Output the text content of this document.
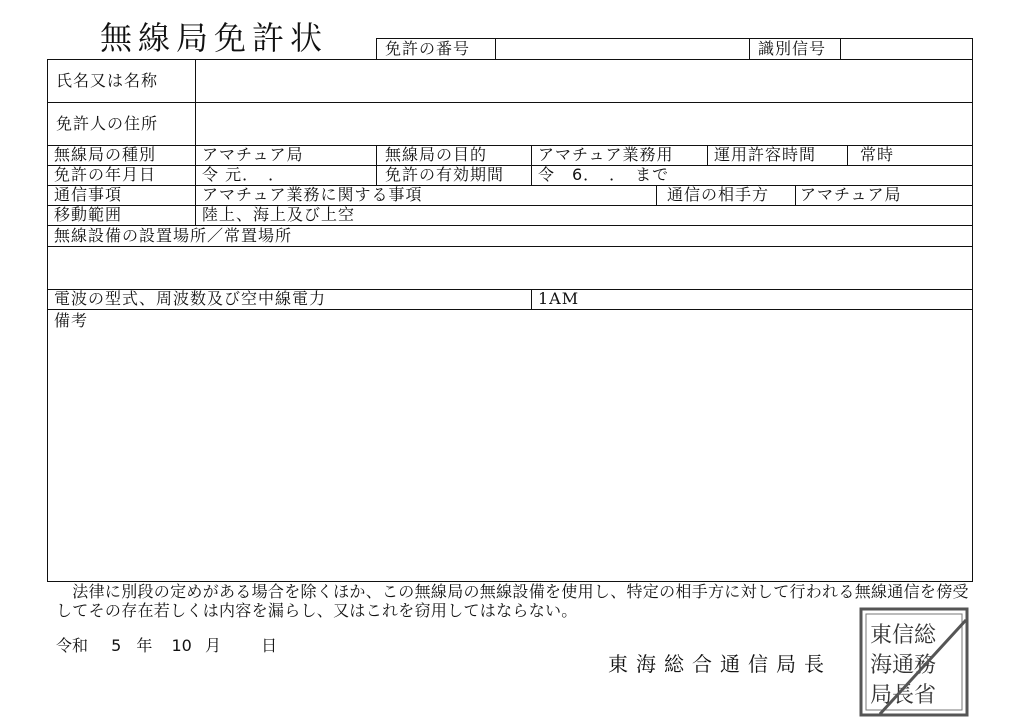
無線局免許状	免許の番号	識別信号
氏名又は名称
免許人の住所
無線局の種別	アマチュア局	無線局の目的	アマチュア業務用	運用許容時間	常時
免許の年月日	令 元．　．	免許の有効期間 令　6．　．　まで
通信事項	アマチュア業務に関する事項	通信の相手方 アマチュア局
移動範囲	陸上、海上及び上空
無線設備の設置場所／常置場所
電波の型式、周波数及び空中線電力	1AM
備考
　法律に別段の定めがある場合を除くほか、この無線局の無線設備を使用し、特定の相手方に対して行われる無線通信を傍受してその存在若しくは内容を漏らし、又はこれを窃用してはならない。
令和 5 年 10 月	日
東海総合通信局長
東信総
海通務
局長省
